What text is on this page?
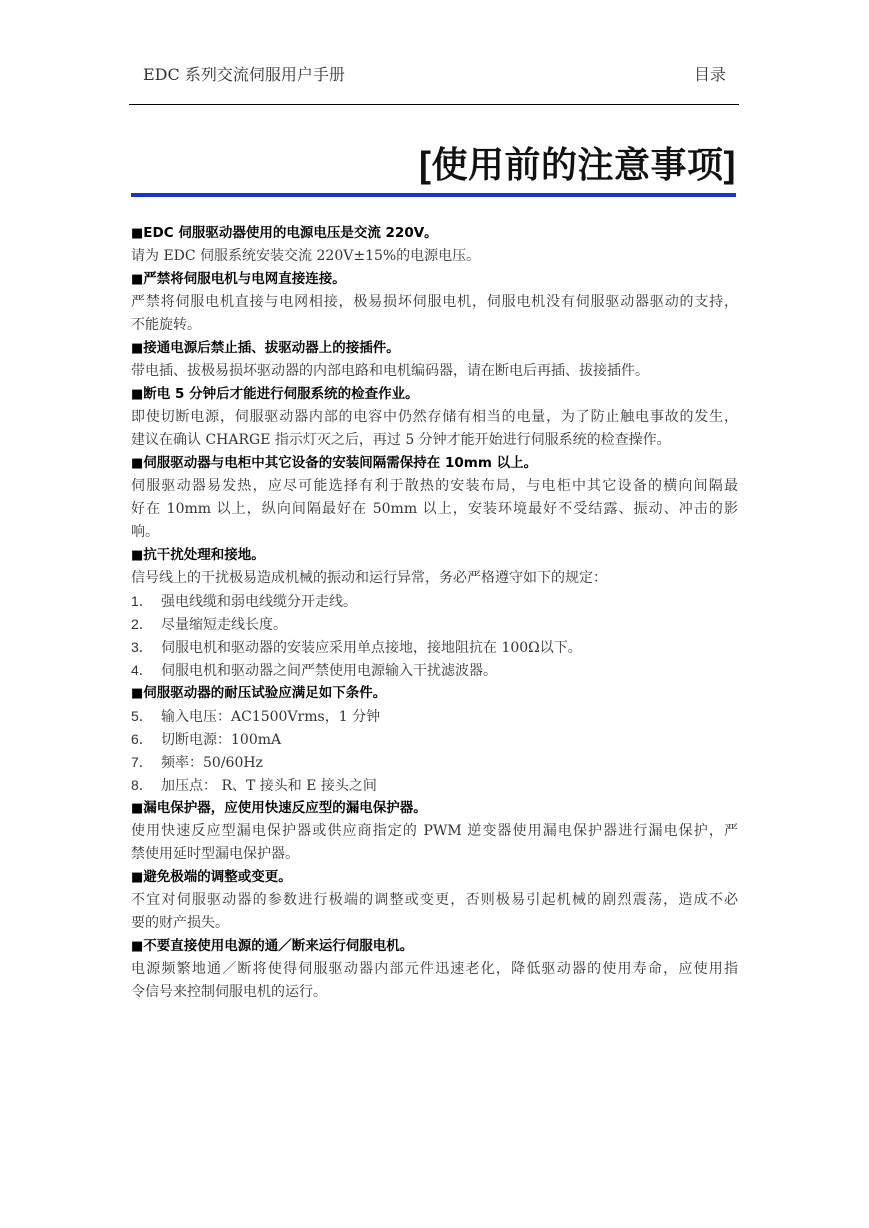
EDC 系列交流伺服用户手册	目录
[使用前的注意事项]
■EDC 伺服驱动器使用的电源电压是交流 220V。
请为 EDC 伺服系统安装交流 220V±15%的电源电压。
■严禁将伺服电机与电网直接连接。
严禁将伺服电机直接与电网相接，极易损坏伺服电机，伺服电机没有伺服驱动器驱动的支持，
不能旋转。
■接通电源后禁止插、拔驱动器上的接插件。
带电插、拔极易损坏驱动器的内部电路和电机编码器，请在断电后再插、拔接插件。
■断电 5 分钟后才能进行伺服系统的检查作业。
即使切断电源，伺服驱动器内部的电容中仍然存储有相当的电量，为了防止触电事故的发生，
建议在确认 CHARGE 指示灯灭之后，再过 5 分钟才能开始进行伺服系统的检查操作。
■伺服驱动器与电柜中其它设备的安装间隔需保持在 10mm 以上。
伺服驱动器易发热，应尽可能选择有利于散热的安装布局，与电柜中其它设备的横向间隔最
好在 10mm 以上，纵向间隔最好在 50mm 以上，安装环境最好不受结露、振动、冲击的影
响。
■抗干扰处理和接地。
信号线上的干扰极易造成机械的振动和运行异常，务必严格遵守如下的规定：
1． 强电线缆和弱电线缆分开走线。
2． 尽量缩短走线长度。
3． 伺服电机和驱动器的安装应采用单点接地，接地阻抗在 100Ω以下。
4． 伺服电机和驱动器之间严禁使用电源输入干扰滤波器。
■伺服驱动器的耐压试验应满足如下条件。
5． 输入电压：AC1500Vrms，1 分钟
6． 切断电源：100mA
7． 频率：50/60Hz
8． 加压点： R、T 接头和 E 接头之间
■漏电保护器，应使用快速反应型的漏电保护器。
使用快速反应型漏电保护器或供应商指定的 PWM 逆变器使用漏电保护器进行漏电保护，严
禁使用延时型漏电保护器。
■避免极端的调整或变更。
不宜对伺服驱动器的参数进行极端的调整或变更，否则极易引起机械的剧烈震荡，造成不必
要的财产损失。
■不要直接使用电源的通／断来运行伺服电机。
电源频繁地通／断将使得伺服驱动器内部元件迅速老化，降低驱动器的使用寿命，应使用指
令信号来控制伺服电机的运行。
